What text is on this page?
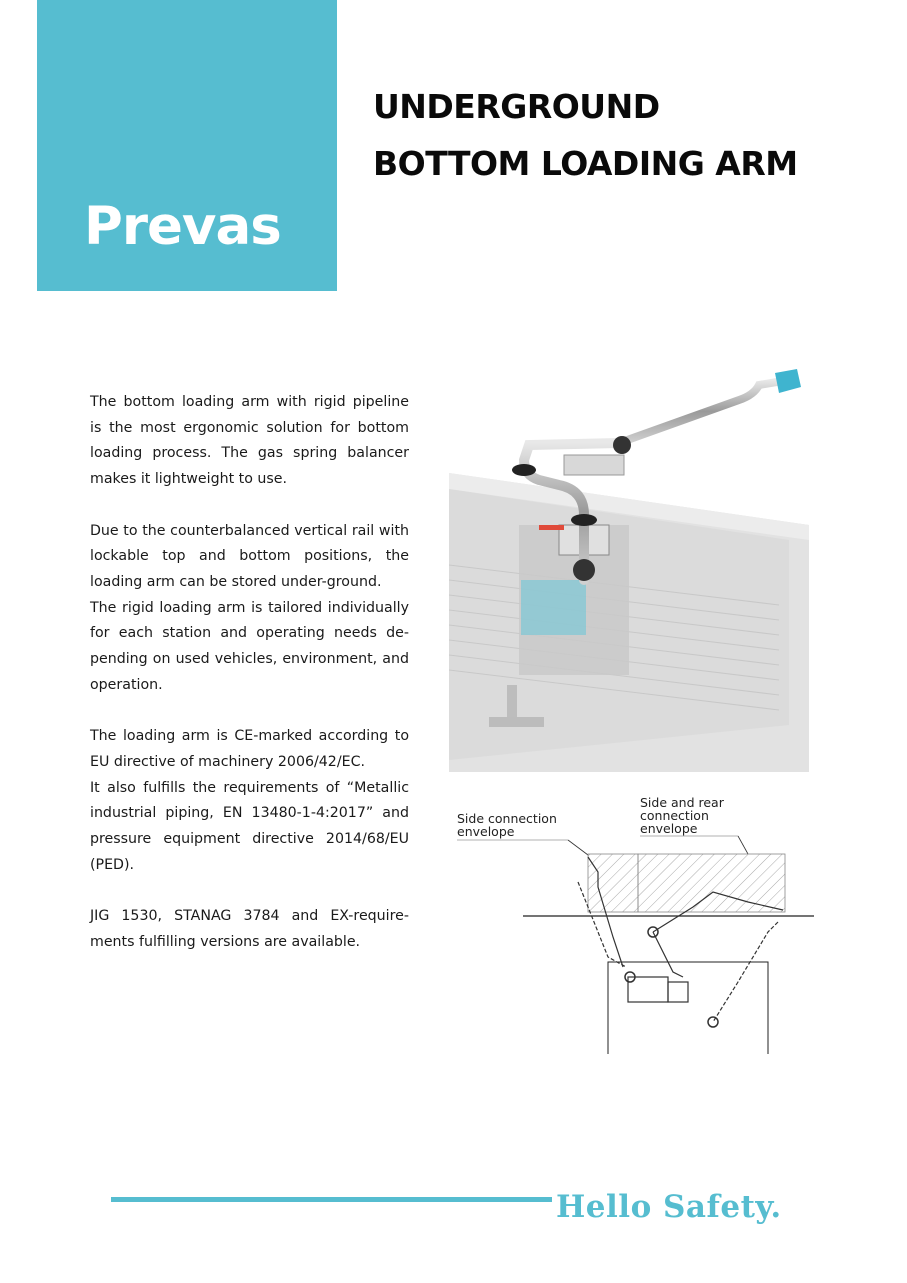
Prevas
UNDERGROUND
BOTTOM LOADING ARM

The bottom loading arm with rigid pipeline is the most ergonomic solution for bottom loading process. The gas spring balancer makes it lightweight to use.

Due to the counterbalanced vertical rail with lockable top and bottom positions, the loading arm can be stored under-ground.

The rigid loading arm is tailored individually for each station and operating needs de-pending on used vehicles, environment, and operation.

The loading arm is CE-marked according to EU directive of machinery 2006/42/EC.

It also fulfills the requirements of “Metallic industrial piping, EN 13480-1-4:2017” and pressure equipment directive 2014/68/EU (PED).

JIG 1530, STANAG 3784 and EX-require-ments fulfilling versions are available.

Side connection
envelope
Side and rear
connection
envelope
Hello Safety.
